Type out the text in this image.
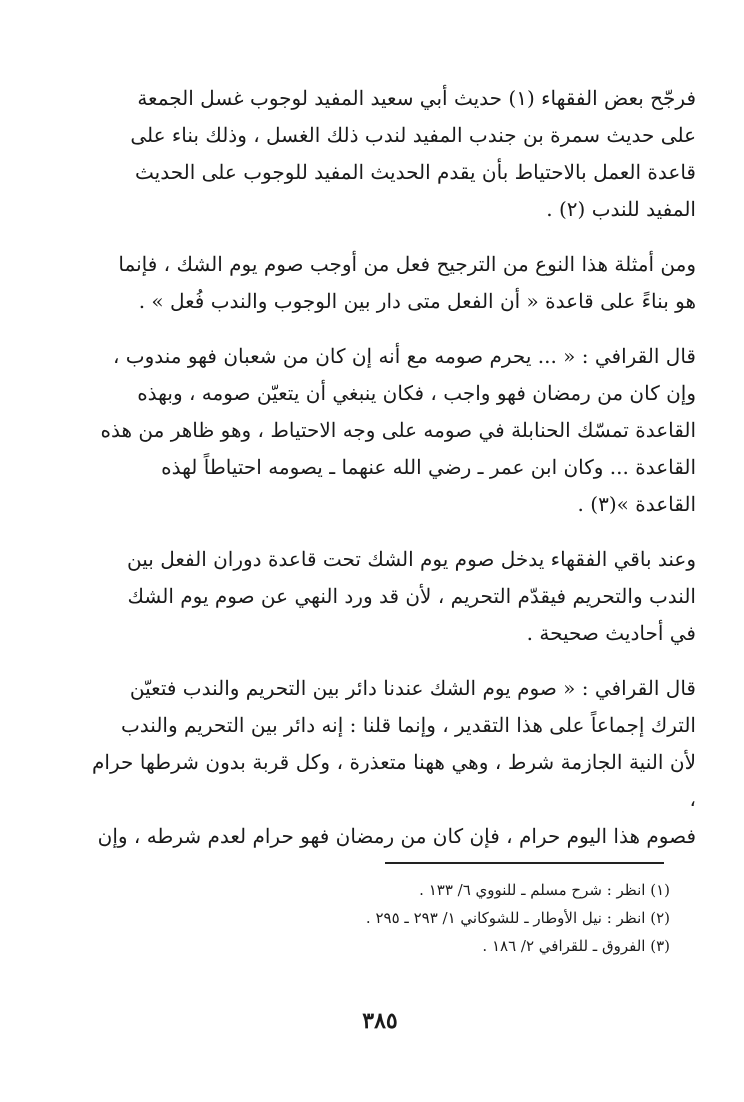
فرجّح بعض الفقهاء (١) حديث أبي سعيد المفيد لوجوب غسل الجمعة
على حديث سمرة بن جندب المفيد لندب ذلك الغسل ، وذلك بناء على
قاعدة العمل بالاحتياط بأن يقدم الحديث المفيد للوجوب على الحديث
المفيد للندب (٢) .

ومن أمثلة هذا النوع من الترجيح فعل من أوجب صوم يوم الشك ، فإنما
هو بناءً على قاعدة « أن الفعل متى دار بين الوجوب والندب فُعل » .

قال القرافي : « ... يحرم صومه مع أنه إن كان من شعبان فهو مندوب ،
وإن كان من رمضان فهو واجب ، فكان ينبغي أن يتعيّن صومه ، وبهذه
القاعدة تمسّك الحنابلة في صومه على وجه الاحتياط ، وهو ظاهر من هذه
القاعدة ... وكان ابن عمر ـ رضي الله عنهما ـ يصومه احتياطاً لهذه
القاعدة »(٣) .

وعند باقي الفقهاء يدخل صوم يوم الشك تحت قاعدة دوران الفعل بين
الندب والتحريم فيقدّم التحريم ، لأن قد ورد النهي عن صوم يوم الشك
في أحاديث صحيحة .

قال القرافي : « صوم يوم الشك عندنا دائر بين التحريم والندب فتعيّن
الترك إجماعاً على هذا التقدير ، وإنما قلنا : إنه دائر بين التحريم والندب
لأن النية الجازمة شرط ، وهي ههنا متعذرة ، وكل قربة بدون شرطها حرام ،
فصوم هذا اليوم حرام ، فإن كان من رمضان فهو حرام لعدم شرطه ، وإن

(١) انظر : شرح مسلم ـ للنووي ٦/ ١٣٣ .
(٢) انظر : نيل الأوطار ـ للشوكاني ١/ ٢٩٣ ـ ٢٩٥ .
(٣) الفروق ـ للقرافي ٢/ ١٨٦ .
٣٨٥
